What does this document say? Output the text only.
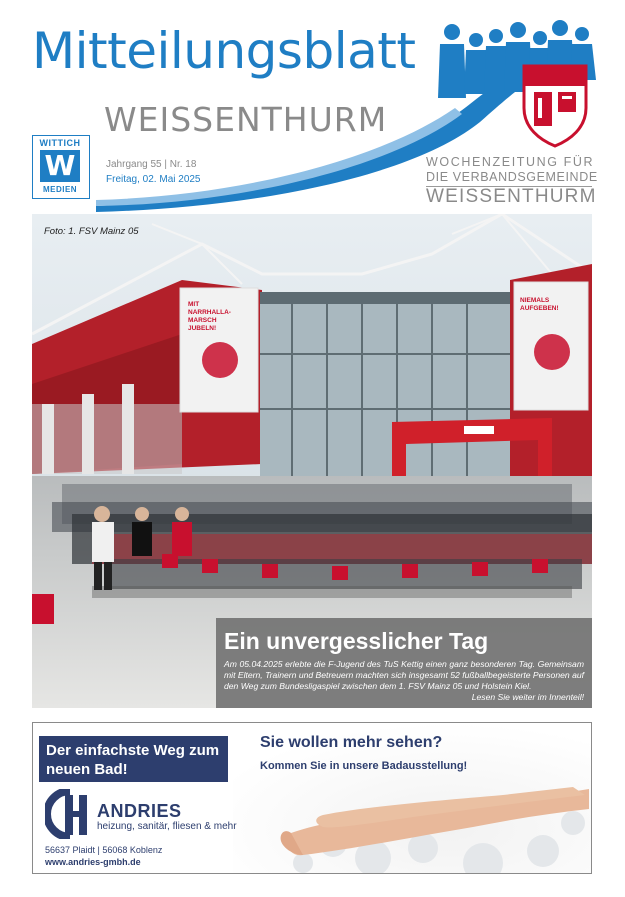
Mitteilungsblatt
WEISSENTHURM
WITTICH
W
MEDIEN
Jahrgang 55 | Nr. 18
Freitag, 02. Mai 2025
WOCHENZEITUNG FÜR
DIE VERBANDSGEMEINDE
WEISSENTHURM
MIT NARRHALLA-MARSCH JUBELN!
NIEMALS AUFGEBEN!
Foto: 1. FSV Mainz 05
Ein unvergesslicher Tag
Am 05.04.2025 erlebte die F-Jugend des TuS Kettig einen ganz besonderen Tag. Gemeinsam mit Eltern, Trainern und Betreuern machten sich insgesamt 52 fußballbegeisterte Personen auf den Weg zum Bundesligaspiel zwischen dem 1. FSV Mainz 05 und Holstein Kiel.
Lesen Sie weiter im Innenteil!
Der einfachste Weg zum neuen Bad!
ANDRIES
heizung, sanitär, fliesen & mehr
56637 Plaidt | 56068 Koblenz
www.andries-gmbh.de
Sie wollen mehr sehen?
Kommen Sie in unsere Badausstellung!
